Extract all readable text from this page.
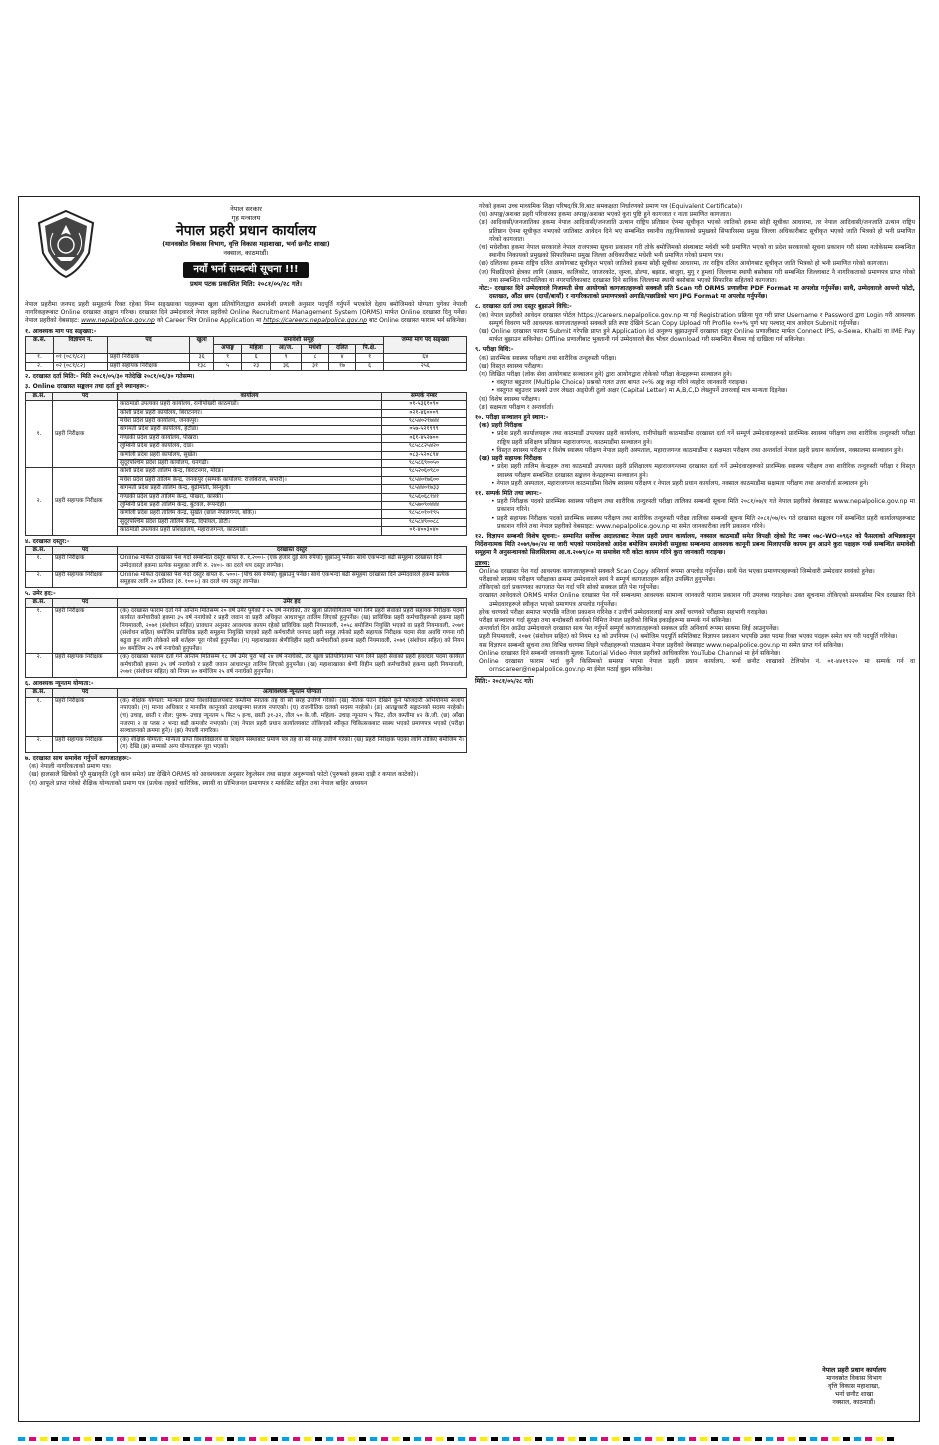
नेपाल सरकार
गृह मन्त्रालय
नेपाल प्रहरी प्रधान कार्यालय
(मानवस्रोत विकास विभाग, वृत्ति विकास महाशाखा, भर्ना छनौट शाखा)
नक्साल, काठमाडौं।
नयाँ भर्ना सम्बन्धी सूचना !!!
प्रथम पटक प्रकाशित मिति: २०८१/०५/२८ गते।

नेपाल प्रहरीमा जनपद प्रहरी समूहतर्फ रिक्त रहेका निम्न सङ्ख्याका पदहरूमा खुला प्रतियोगिताद्वारा समावेशी प्रणाली अनुसार पदपूर्ति गर्नुपर्ने भएकोले देहाय बमोजिमको योग्यता पुगेका नेपाली नागरिकहरूबाट Online दरखास्त आह्वान गरिन्छ। दरखास्त दिने उम्मेदवारले नेपाल प्रहरीको Online Recruitment Management System (ORMS) मार्फत Online दरखास्त दिनु पर्नेछ। नेपाल प्रहरीको वेबसाइट: www.nepalpolice.gov.np को Career भित्र Online Application मा https://careers.nepalpolice.gov.np बाट Online दरखास्त फाराम भर्न सकिनेछ।

१. आवश्यक माग पद सङ्ख्या:-
क्र.सं.	विज्ञापन नं.	पद	खुला	समावेशी समूह						जम्मा माग पद सङ्ख्या
				अपाङ्ग	महिला	आ/ज.	मधेशी	दलित	पि.क्षे.	
१.	०१ (०८१/८२)	प्रहरी निरीक्षक	३६	१	६	९	८	४	१	६४
२.	०२ (०८१/८२)	प्रहरी सहायक निरीक्षक	१३८	५	२३	३६	३१	१७	६	२५६
२. दरखास्त दर्ता मिति:- मिति २०८१/०५/३० गतेदेखि २०८१/०६/३० गतेसम्म।
३. Online दरखास्त सङ्कलन तथा दर्ता हुने स्थानहरू:-
क्र.सं.	पद	कार्यालय	सम्पर्क नम्बर
१.	प्रहरी निरीक्षक	काठमाडौं उपत्यका प्रहरी कार्यालय, रानीपोखरी काठमाडौं।	०१-५३६१०९०
		कोशी प्रदेश प्रहरी कार्यालय, बिराटनगर।	०२१-४६०००९
		मधेश प्रदेश प्रहरी कार्यालय, जनकपुर।	९८५४०२१७४४
		बागमती प्रदेश प्रहरी कार्यालय, हेटौंडा।	०५७-५२१९९९
		गण्डकी प्रदेश प्रहरी कार्यालय, पोखरा।	०६१-४५२७००
		लुम्बिनी प्रदेश प्रहरी कार्यालय, दाङ।	९८५८८२५४२०
		कर्णाली प्रदेश प्रहरी कार्यालय, सुर्खेत।	०८३-५२०८९४
		सुदूरपश्चिम प्रदेश प्रहरी कार्यालय, धनगढी।	९८५८६९००५०
२.	प्रहरी सहायक निरीक्षक	कोशी प्रदेश प्रहरी तालिम केन्द्र, बिराटनगर, मोरङ।	९८५२०६०९८०
		मधेश प्रदेश प्रहरी तालिम केन्द्र, जनकपुर (सम्पर्क कार्यालय: राजबिराज, सप्तरी)।	९८५४०१७६००
		बागमती प्रदेश प्रहरी तालिम केन्द्र, बुढीमोती, सिन्धुली।	९८५४४०१७३३
		गण्डकी प्रदेश प्रहरी तालिम केन्द्र, पोखरा, कास्की।	९८५६०६८१४१
		लुम्बिनी प्रदेश प्रहरी तालिम केन्द्र, बुटवल, रूपन्देही।	९८५७०९०४४४
		कर्णाली प्रदेश प्रहरी तालिम केन्द्र, सुर्खेत (छाल नेपालगन्ज, बाँके)।	९८५८०१०१९५
		सुदूरपश्चिम प्रदेश प्रहरी तालिम केन्द्र, दिपायल, डोटी।	९८५८४९००८८
		काठमाडौं उपत्यका प्रहरी प्रशिक्षालय, महाराजगन्ज, काठमाडौं।	०१-४००३०४०
४. दरखास्त दस्तुर:-
क्र.सं.	पद	दरखास्त दस्तुर
१.	प्रहरी निरीक्षक	Online मार्फत दरखास्त पेश गर्दा सम्बन्धित दस्तुर बापत रु. १,२००।- (एक हजार दुई सय रुपैयाँ) बुझाउनु पर्नेछ। साथै एकभन्दा बढी समूहमा दरखास्त दिने उम्मेदवारले हकमा प्रत्येक समूहका लागि रु. २४०।- का दरले थप दस्तुर लाग्नेछ।
२.	प्रहरी सहायक निरीक्षक	Online मार्फत दरखास्त पेश गर्दा दस्तुर बापत रु. ५००।- (पाँच सय रुपैयाँ) बुझाउनु पर्नेछ। साथै एकभन्दा बढी समूहमा दरखास्त दिने उम्मेदवारले हकमा प्रत्येक समूहका लागि २० प्रतिशत (रु. १००।-) का दरले थप दस्तुर लाग्नेछ।
५. उमेर हद:-
क्र.सं.	पद	उमेर हद
१.	प्रहरी निरीक्षक	(क) दरखास्त फाराम दर्ता गर्ने अन्तिम मितिसम्म २० वर्ष उमेर पुगेको र २५ वर्ष ननाघेको, तर खुला प्रतियोगितामा भाग लिने प्रहरी सेवाको प्रहरी सहायक निरीक्षक पदमा कार्यरत कर्मचारीको हकमा ३५ वर्ष ननाघेको र प्रहरी जवान वा प्रहरी अधिकृत आधारभूत तालिम लिएको हुनुपर्नेछ। (ख) प्राविधिक प्रहरी कर्मचारीहरूको हकमा प्रहरी नियमावली, २०७१ (संशोधन सहित) प्रावधान अनुसार आवश्यक कायम रहेको प्राविधिक प्रहरी नियमावली, २०५८ बमोजिम नियुक्ति भएको वा प्रहरी नियमावली, २०७१ (संशोधन सहित) बमोजिम प्राविधिक प्रहरी समूहमा नियुक्ति पाएको प्रहरी कर्मचारीले जनपद प्रहरी समूह तर्फको प्रहरी सहायक निरीक्षक पदमा सेवा अवधि गणना गरी बढुवा हुन लागि तोकेको सबै शर्तहरू पूरा गरेको हुनुपर्नेछ। (ग) महाशाखाका श्रेणीविहीन प्रहरी कर्मचारीको हकमा प्रहरी नियमावली, २०७१ (संशोधन सहित) को नियम ४० बमोजिम २५ वर्ष ननाघेको हुनुपर्नेछ।
२.	प्रहरी सहायक निरीक्षक	(क) दरखास्त फाराम दर्ता गर्ने अन्तिम मितिसम्म १८ वर्ष उमेर पूरा भई २४ वर्ष ननाघेको, तर खुला प्रतियोगितामा भाग लिने प्रहरी सेवाको प्रहरी हवल्दार पदमा कार्यरत कर्मचारीको हकमा ३५ वर्ष ननाघेको र प्रहरी जवान आधारभूत तालिम लिएको हुनुपर्नेछ। (ख) महाशाखाका श्रेणी विहीन प्रहरी कर्मचारीको हकमा प्रहरी नियमावली, २०७१ (संशोधन सहित) को नियम ४० बमोजिम २५ वर्ष ननाघेको हुनुपर्नेछ।
६. आवश्यक न्यूनतम योग्यता:-
क्र.सं.	पद	अत्यावश्यक न्यूनतम योग्यता
१.	प्रहरी निरीक्षक	(क) शैक्षिक योग्यता: मान्यता प्राप्त विश्वविद्यालयबाट कम्तीमा स्नातक तह वा सो सरह उत्तीर्ण गरेको। (ख) नैतिक पतन देखिने कुनै फौजदारी अभियोगमा सजाय नपाएको। (ग) मानव अधिकार र मानवीय कानूनको उल्लङ्घनमा सजाय नपाएको। (घ) राजनीतिक दलको सदस्य नरहेको। (ङ) आतङ्ककारी सङ्गठनको सदस्य नरहेको। (च) उचाइ, छाती र तौल: पुरुष- उचाइ न्यूनतम ५ फिट ५ इन्च, छाती ३१-३२, तौल ५० के.जी. महिला- उचाइ न्यूनतम ५ फिट, तौल कम्तीमा ४२ के.जी. (छ) आँखा नजरमा २ वा प्लस २ भन्दा बढी कमजोर नभएको। (ज) नेपाल प्रहरी प्रधान कार्यालयबाट तोकिएको स्वीकृत चिकित्सकबाट स्वस्थ भएको प्रमाणपत्र भएको (परीक्षा सञ्चालनको क्रममा हुने)। (झ) नेपाली नागरिक।
२.	प्रहरी सहायक निरीक्षक	(क) शैक्षिक योग्यता: मान्यता प्राप्त विश्वविद्यालय वा शिक्षण संस्थाबाट प्रमाण पत्र तह वा सो सरह उत्तीर्ण गरेको। (ख) प्रहरी निरीक्षक पदका लागि तोकिए बमोजिम नै। (ग) देखि (झ) सम्मको अन्य योग्यताहरू पूरा भएको।
७. दरखास्त साथ समावेश गर्नुपर्ने कागजातहरू:-
(क) नेपाली नागरिकताको प्रमाण पत्र।
(ख) हालसालै खिचेको पुरै मुखाकृति (दुवै कान समेत) प्रष्ट देखिने ORMS को आवश्यकता अनुसार रेकुलेसन तथा साइज अनुरूपको फोटो (पुरुषको हकमा दाह्री र कपाल काटेको)।
(ग) आफूले प्राप्त गरेको शैक्षिक योग्यताको प्रमाण पत्र (प्रत्येक तहको चारित्रिक, स्थायी वा प्रोभिजनल प्रमाणपत्र र मार्कसिट सहित तथा नेपाल बाहिर अध्ययन
गरेको हकमा उच्च माध्यमिक शिक्षा परिषद/त्रि.वि.बाट समकक्षता निर्धारणको प्रमाण पत्र (Equivalent Certificate)।
(घ) अपाङ्ग/अशक्त प्रहरी परिवारका हकमा अपाङ्ग/अशक्त भएको कुरा पुष्टि हुने कागजात र नाता प्रमाणित कागजात।
(ङ) आदिवासी/जनजातिका हकमा नेपाल आदिवासी/जनजाति उत्थान राष्ट्रिय प्रतिष्ठान ऐनमा सूचीकृत भएको जातिको हकमा सोही सूचीका आधारमा, तर नेपाल आदिवासी/जनजाति उत्थान राष्ट्रिय प्रतिष्ठान ऐनमा सूचीकृत नभएको जातिबाट आवेदन दिने भए सम्बन्धित स्थानीय तह/निकायको प्रमुखको सिफारिसमा प्रमुख जिल्ला अधिकारीबाट सूचीकृत भएको जाति भित्रको हो भनी प्रमाणित गरेको कागजात।
(च) मधेशीका हकमा नेपाल सरकारले नेपाल राजपत्रमा सूचना प्रकाशन गरी तोके बमोजिमको संस्थाबाट मधेशी भनी प्रमाणित भएको वा प्रदेश सरकारको सूचना प्रकाशन गरी संस्था नतोकेसम्म सम्बन्धित स्थानीय निकायको प्रमुखको सिफारिसमा प्रमुख जिल्ला अधिकारीबाट मधेशी भनी प्रमाणित गरेको प्रमाण पत्र।
(छ) दलितका हकमा राष्ट्रिय दलित आयोगबाट सूचीकृत भएको जातिको हकमा सोही सूचीका आधारमा, तर राष्ट्रिय दलित आयोगबाट सूचीकृत जाति भित्रको हो भनी प्रमाणित गरेको कागजात।
(ज) पिछडिएको क्षेत्रका लागि (अछाम, कालिकोट, जाजरकोट, जुम्ला, डोल्पा, बझाङ, बाजुरा, मुगु र हुम्ला) जिल्लामा स्थायी बसोबास गरी सम्बन्धित जिल्लाबाट नै नागरिकताको प्रमाणपत्र प्राप्त गरेको तथा सम्बन्धित गाउँपालिका वा नगरपालिकाबाट दरखास्त दिने साविक जिल्लामा स्थायी बसोबास भएको सिफारिस सहितको कागजात।
नोट:- दरखास्त दिने उम्मेदवारले निजामती सेवा आयोगको कागजातहरूको सक्कलै प्रति Scan गरी ORMS प्रणालीमा PDF Format मा अपलोड गर्नुपर्नेछ। साथै, उम्मेदवारले आफ्नो फोटो, दस्तखत, औंठा छाप (दायाँ/बायाँ) र नागरिकताको प्रमाणपत्रको अगाडि/पछाडिको भाग JPG Format मा अपलोड गर्नुपर्नेछ।
८. दरखास्त दर्ता तथा दस्तुर बुझाउने विधि:-
(क) नेपाल प्रहरीको आवेदन दरखास्त पोर्टल https://careers.nepalpolice.gov.np मा गई Registration प्रक्रिया पूरा गरी प्राप्त Username र Password द्वारा Login गरी आवश्यक सम्पूर्ण विवरण भरी आवश्यक कागजातहरूको सक्कलै प्रति स्पष्ट देखिने Scan Copy Upload गरी Profile १००% पूर्ण भए पश्चात् मात्र आवेदन Submit गर्नुपर्नेछ।
(ख) Online दरखास्त फाराम Submit गरेपछि प्राप्त हुने Application Id अनुरूप बुझाउनुपर्ने दरखास्त दस्तुर Online प्रणालीबाट मार्फत Connect IPS, e-Sewa, Khalti वा IME Pay मार्फत बुझाउन सकिनेछ। Offline प्रणालीबाट भुक्तानी गर्न उम्मेदवारले बैंक भौचर download गरी सम्बन्धित बैंकमा गई दाखिला गर्न सकिनेछ।
९. परीक्षा विधि:-
(क) प्रारम्भिक स्वास्थ्य परीक्षण तथा शारीरिक तन्दुरुस्ती परीक्षा।
(ख) विस्तृत स्वास्थ्य परीक्षण।
(ग) लिखित परीक्षा (लोक सेवा आयोगबाट सञ्चालन हुने) द्वारा आयोगद्वारा तोकेको परीक्षा केन्द्रहरूमा सञ्चालन हुने।
• वस्तुगत बहुउत्तर (Multiple Choice) प्रश्नको गलत उत्तर बापत २०% अङ्क कट्टा गरिने व्यहोरा जानकारी गराइन्छ।
• वस्तुगत बहुउत्तर प्रश्नको उत्तर लेख्दा अङ्ग्रेजी ठूलो अक्षर (Capital Letter) मा A,B,C,D लेख्नुपर्ने उत्तरलाई मात्र मान्यता दिइनेछ।
(घ) विशेष स्वास्थ्य परीक्षण।
(ङ) सक्षमता परीक्षण र अन्तर्वार्ता।
१०. परीक्षा सञ्चालन हुने स्थान:-
(क) प्रहरी निरीक्षक
• प्रदेश प्रहरी कार्यालयहरू तथा काठमाडौं उपत्यका प्रहरी कार्यालय, रानीपोखरी काठमाडौंमा दरखास्त दर्ता गर्ने सम्पूर्ण उम्मेदवारहरूको प्रारम्भिक स्वास्थ्य परीक्षण तथा शारीरिक तन्दुरुस्ती परीक्षा राष्ट्रिय प्रहरी प्रशिक्षण प्रतिष्ठान महाराजगन्ज, काठमाडौंमा सञ्चालन हुने।
• विस्तृत स्वास्थ्य परीक्षण र विशेष स्वास्थ्य परीक्षण नेपाल प्रहरी अस्पताल, महाराजगन्ज काठमाडौंमा र सक्षमता परीक्षण तथा अन्तर्वार्ता नेपाल प्रहरी प्रधान कार्यालय, नक्सालमा सञ्चालन हुने।
(ख) प्रहरी सहायक निरीक्षक
• प्रदेश प्रहरी तालिम केन्द्रहरू तथा काठमाडौं उपत्यका प्रहरी प्रशिक्षालय महाराजगन्जमा दरखास्त दर्ता गर्ने उम्मेदवारहरूको प्रारम्भिक स्वास्थ्य परीक्षण तथा शारीरिक तन्दुरुस्ती परीक्षा र विस्तृत स्वास्थ्य परीक्षण सम्बन्धित दरखास्त सङ्कलन केन्द्रहरूमा सञ्चालन हुने।
• नेपाल प्रहरी अस्पताल, महाराजगन्ज काठमाडौंमा विशेष स्वास्थ्य परीक्षण र नेपाल प्रहरी प्रधान कार्यालय, नक्साल काठमाडौंमा सक्षमता परीक्षण तथा अन्तर्वार्ता सञ्चालन हुने।
११. सम्पर्क मिति तथा स्थान:-
• प्रहरी निरीक्षक पदको प्रारम्भिक स्वास्थ्य परीक्षण तथा शारीरिक तन्दुरुस्ती परीक्षा तालिका सम्बन्धी सूचना मिति २०८१/०७/१ गते नेपाल प्रहरीको वेबसाइट www.nepalpolice.gov.np मा प्रकाशन गरिने।
• प्रहरी सहायक निरीक्षक पदको प्रारम्भिक स्वास्थ्य परीक्षण तथा शारीरिक तन्दुरुस्ती परीक्षा तालिका सम्बन्धी सूचना मिति २०८१/०७/१५ गते दरखास्त सङ्कलन गर्ने सम्बन्धित प्रहरी कार्यालयहरूबाट प्रकाशन गरिने तथा नेपाल प्रहरीको वेबसाइट: www.nepalpolice.gov.np मा समेत जानकारीका लागि प्रकाशन गरिने।
१२. विज्ञापन सम्बन्धी विशेष सूचना:- सम्मानित सर्वोच्च अदालतबाट नेपाल प्रहरी प्रधान कार्यालय, नक्साल काठमाडौं समेत विपक्षी रहेको रिट नम्बर ०७८-WO-०९६२ को फैसलाको अभिन्नकानून निर्देशनात्मक मिति २०७९/७०/२४ मा जारी भएको परमादेशको आदेश बमोजिम समावेशी समूहका सम्बन्धमा आवश्यक कानूनी प्रबन्ध मिलाएपछि कायम हुन आउने कुरा पक्षहरू गर्न्छ सम्बन्धित समावेशी समूहमा नै अनुसन्धानको सिलसिलामा आ.व.२०७९/८० मा समावेश गरी कोटा कायम गरिने कुरा जानकारी गराइन्छ।
द्रष्टव्य:
Online दरखास्त पेश गर्दा आवश्यक कागजातहरूको सक्कलै Scan Copy अनिवार्य रूपमा अपलोड गर्नुपर्नेछ। साथै पेश भएका प्रमाणपत्रहरूको जिम्मेवारी उम्मेदवार स्वयंको हुनेछ।
परीक्षाको स्वास्थ्य परीक्षण परीक्षाका क्रममा उम्मेदवारले स्वयं नै सम्पूर्ण कागजातहरू सहित उपस्थित हुनुपर्नेछ।
तोकिएको दर्ता प्रकरणका कागजात पेश गर्दा पनि सोको सक्कल प्रति पेश गर्नुपर्नेछ।
दरखास्त आवेदकले ORMS मार्फत Online दरखास्त पेश गर्ने सम्बन्धमा आवश्यक सामान्य जानकारी फाराम प्रकाशन गरी उपलब्ध गराइनेछ। उक्त सूचनामा तोकिएको समयसीमा भित्र दरखास्त दिने उम्मेदवारहरूले स्वीकृत भएको प्रमाणपत्र अपलोड गर्नुपर्नेछ।
हरेक चरणको परीक्षा समाप्त भएपछि नतिजा प्रकाशन गरिनेछ र उत्तीर्ण उम्मेदवारलाई मात्र अर्को चरणको परीक्षामा सहभागी गराइनेछ।
परीक्षा सञ्चालन गर्दा सुरक्षा तथा बन्दोबस्ती कार्यको निमित्त नेपाल प्रहरीको विभिन्न इकाईहरूमा सम्पर्क गर्न सकिनेछ।
अन्तर्वार्ता दिन आउँदा उम्मेदवारले दरखास्त साथ पेश गर्नुपर्ने सम्पूर्ण कागजातहरूको सक्कल प्रति अनिवार्य रूपमा साथमा लिई आउनुपर्नेछ।
प्रहरी नियमावली, २०७१ (संशोधन सहित) को नियम १३ को उपनियम (५) बमोजिम पदपूर्ति समितिबाट विज्ञापन प्रकाशन भएपछि उक्त पदमा रिक्त भएका पदहरू समेत थप गरी पदपूर्ति गरिनेछ।
यस विज्ञापन सम्बन्धी सूचना तथा विभिन्न चरणमा लिइने परीक्षाहरूको पाठ्यक्रम नेपाल प्रहरीको वेबसाइट www.nepalpolice.gov.np मा समेत प्राप्त गर्न सकिनेछ।
Online दरखास्त दिने सम्बन्धी जानकारी मूलक Tutorial Video नेपाल प्रहरीको आधिकारिक YouTube Channel मा हेर्न सकिनेछ।
Online दरखास्त फाराम भर्दा कुनै किसिमको समस्या भएमा नेपाल प्रहरी प्रधान कार्यालय, भर्ना छनौट शाखाको टेलिफोन नं. ०१-४४१९२२० मा सम्पर्क गर्न वा ornscareer@nepalpolice.gov.np मा ईमेल पठाई बुझ्न सकिनेछ।
मिति:- २०८१/०५/२८ गते।
नेपाल प्रहरी प्रधान कार्यालय
मानवस्रोत विकास विभाग
वृत्ति विकास महाशाखा,
भर्ना छनौट शाखा
नक्साल, काठमाडौं।
